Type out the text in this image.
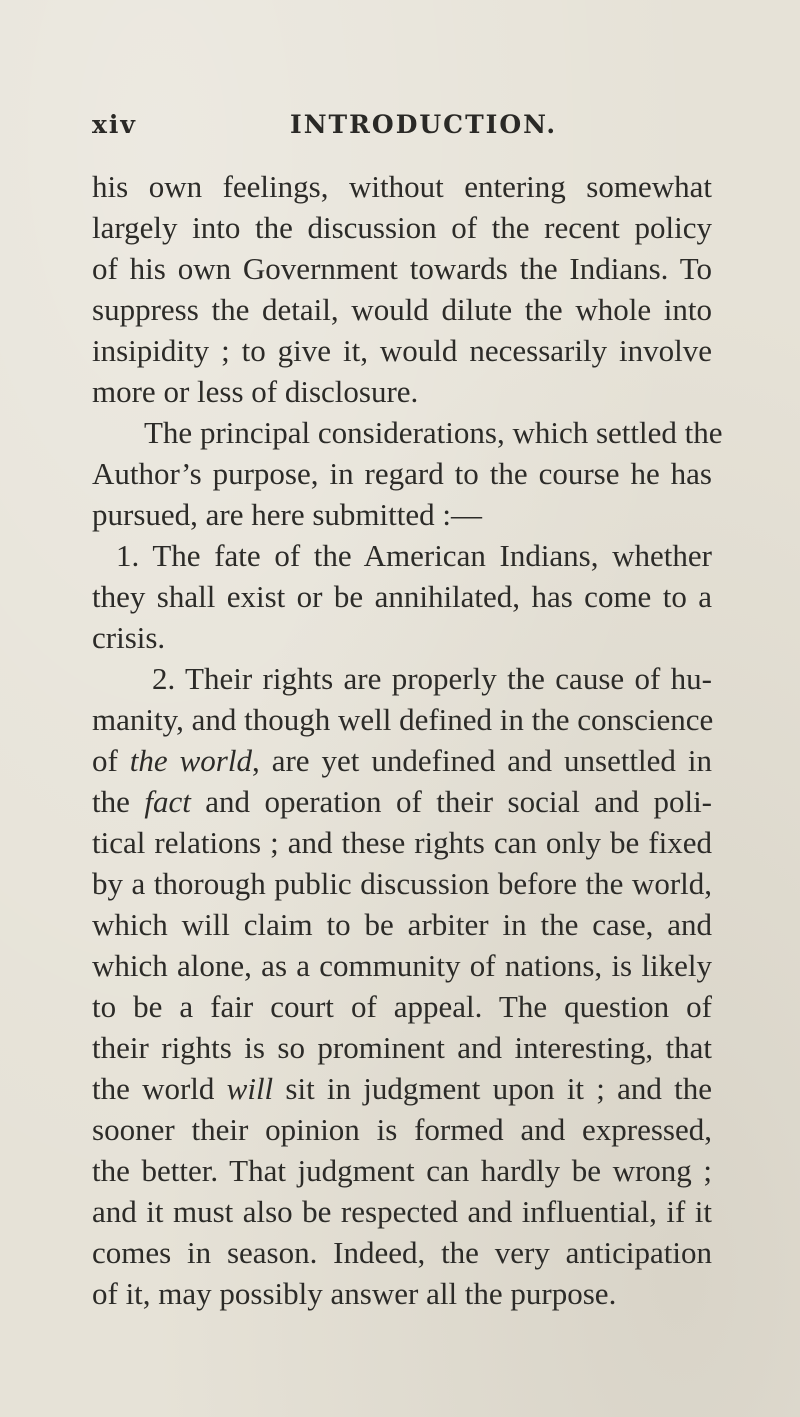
xiv	INTRODUCTION.
his own feelings, without entering somewhat
largely into the discussion of the recent policy
of his own Government towards the Indians. To
suppress the detail, would dilute the whole into
insipidity ; to give it, would necessarily involve
more or less of disclosure.
The principal considerations, which settled the
Author’s purpose, in regard to the course he has
pursued, are here submitted :—
1. The fate of the American Indians, whether
they shall exist or be annihilated, has come to a
crisis.
2. Their rights are properly the cause of hu-
manity, and though well defined in the conscience
of the world, are yet undefined and unsettled in
the fact and operation of their social and poli-
tical relations ; and these rights can only be fixed
by a thorough public discussion before the world,
which will claim to be arbiter in the case, and
which alone, as a community of nations, is likely
to be a fair court of appeal. The question of
their rights is so prominent and interesting, that
the world will sit in judgment upon it ; and the
sooner their opinion is formed and expressed,
the better. That judgment can hardly be wrong ;
and it must also be respected and influential, if it
comes in season. Indeed, the very anticipation
of it, may possibly answer all the purpose.
